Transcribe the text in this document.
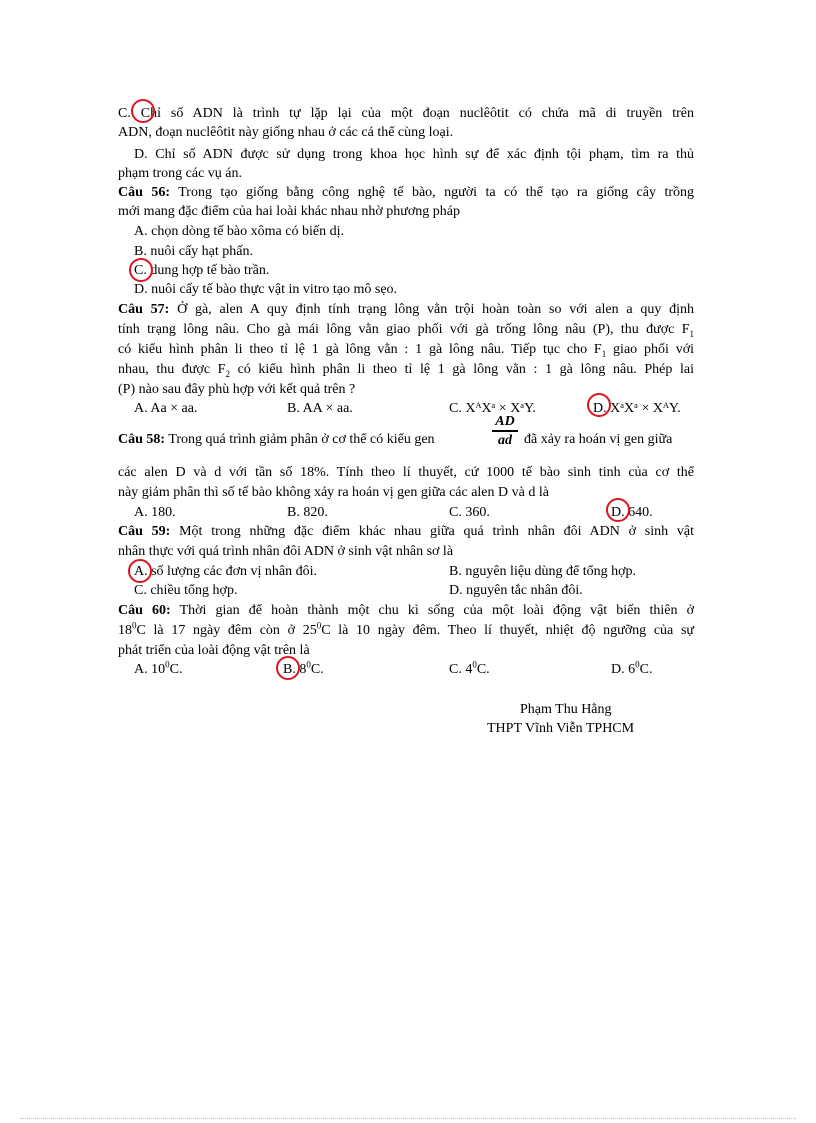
C. Chỉ số ADN là trình tự lặp lại của một đoạn nuclêôtit có chứa mã di truyền trên
ADN, đoạn nuclêôtit này giống nhau ở các cá thể cùng loại.
D. Chỉ số ADN được sử dụng trong khoa học hình sự để xác định tội phạm, tìm ra thủ
phạm trong các vụ án.
Câu 56: Trong tạo giống bằng công nghệ tế bào, người ta có thể tạo ra giống cây trồng
mới mang đặc điểm của hai loài khác nhau nhờ phương pháp
A. chọn dòng tế bào xôma có biến dị.
B. nuôi cấy hạt phấn.
C. dung hợp tế bào trần.
D. nuôi cấy tế bào thực vật in vitro tạo mô sẹo.
Câu 57: Ở gà, alen A quy định tính trạng lông vằn trội hoàn toàn so với alen a quy định
tính trạng lông nâu. Cho gà mái lông vằn giao phối với gà trống lông nâu (P), thu được $F_1$
có kiểu hình phân li theo tỉ lệ 1 gà lông vằn : 1 gà lông nâu. Tiếp tục cho $F_1$ giao phối với
nhau, thu được $F_2$ có kiểu hình phân li theo tỉ lệ 1 gà lông vằn : 1 gà lông nâu. Phép lai
(P) nào sau đây phù hợp với kết quả trên ?
A. Aa × aa.	B. AA × aa.	C. XᴬXᵃ × XᵃY.	D. XᵃXᵃ × XᴬY.
Câu 58: Trong quá trình giảm phân ở cơ thể có kiểu gen
AD
ad đã xảy ra hoán vị gen giữa
các alen D và d với tần số 18%. Tính theo lí thuyết, cứ 1000 tế bào sinh tinh của cơ thể
này giảm phân thì số tế bào không xảy ra hoán vị gen giữa các alen D và d là
A. 180.	B. 820.	C. 360.	D. 640.
Câu 59: Một trong những đặc điểm khác nhau giữa quá trình nhân đôi ADN ở sinh vật
nhân thực với quá trình nhân đôi ADN ở sinh vật nhân sơ là
A. số lượng các đơn vị nhân đôi.	B. nguyên liệu dùng để tổng hợp.
C. chiều tổng hợp.	D. nguyên tắc nhân đôi.
Câu 60: Thời gian để hoàn thành một chu kì sống của một loài động vật biến thiên ở
$18^0C$ là 17 ngày đêm còn ở $25^0C$ là 10 ngày đêm. Theo lí thuyết, nhiệt độ ngưỡng của sự
phát triển của loài động vật trên là
A. $10^0C$.	B. $8^0C$.	C. $4^0C$.	D. $6^0C$.
Phạm Thu Hằng
THPT Vĩnh Viễn TPHCM
